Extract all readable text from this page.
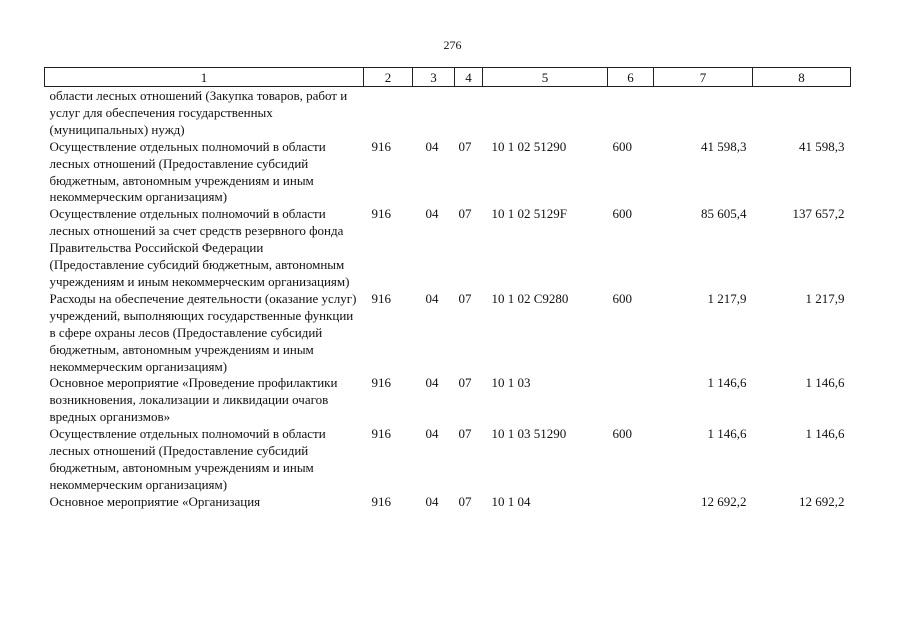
276
1	2	3	4	5	6	7	8
области лесных отношений (Закупка товаров, работ и услуг для обеспечения государственных (муниципальных) нужд)							
Осуществление отдельных полномочий в области лесных отношений (Предоставление субсидий бюджетным, автономным учреждениям и иным некоммерческим организациям)	916	04	07	10 1 02 51290	600	41 598,3	41 598,3
Осуществление отдельных полномочий в области лесных отношений за счет средств резервного фонда Правительства Российской Федерации (Предоставление субсидий бюджетным, автономным учреждениям и иным некоммерческим организациям)	916	04	07	10 1 02 5129F	600	85 605,4	137 657,2
Расходы на обеспечение деятельности (оказание услуг) учреждений, выполняющих государственные функции в сфере охраны лесов (Предоставление субсидий бюджетным, автономным учреждениям и иным некоммерческим организациям)	916	04	07	10 1 02 С9280	600	1 217,9	1 217,9
Основное мероприятие «Проведение профилактики возникновения, локализации и ликвидации очагов вредных организмов»	916	04	07	10 1 03		1 146,6	1 146,6
Осуществление отдельных полномочий в области лесных отношений (Предоставление субсидий бюджетным, автономным учреждениям и иным некоммерческим организациям)	916	04	07	10 1 03 51290	600	1 146,6	1 146,6
Основное мероприятие «Организация	916	04	07	10 1 04		12 692,2	12 692,2
